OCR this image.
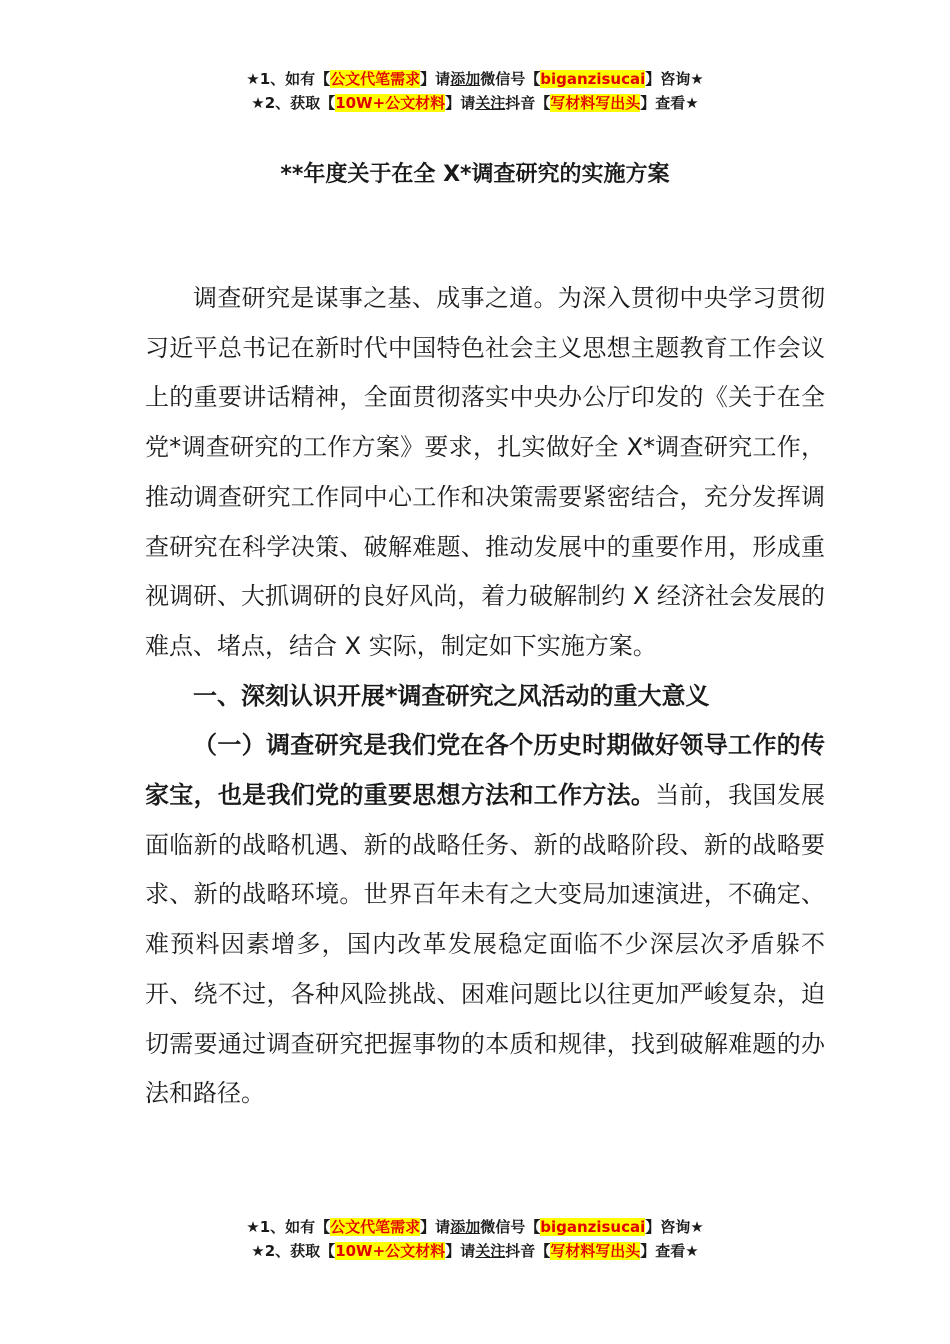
★1、如有【公文代笔需求】请添加微信号【biganzisucai】咨询★
★2、获取【10W+公文材料】请关注抖音【写材料写出头】查看★
**年度关于在全 X*调查研究的实施方案

调查研究是谋事之基、成事之道。为深入贯彻中央学习贯彻习近平总书记在新时代中国特色社会主义思想主题教育工作会议上的重要讲话精神，全面贯彻落实中央办公厅印发的《关于在全党*调查研究的工作方案》要求，扎实做好全 X*调查研究工作，推动调查研究工作同中心工作和决策需要紧密结合，充分发挥调查研究在科学决策、破解难题、推动发展中的重要作用，形成重视调研、大抓调研的良好风尚，着力破解制约 X 经济社会发展的难点、堵点，结合 X 实际，制定如下实施方案。

一、深刻认识开展*调查研究之风活动的重大意义

（一）调查研究是我们党在各个历史时期做好领导工作的传家宝，也是我们党的重要思想方法和工作方法。当前，我国发展面临新的战略机遇、新的战略任务、新的战略阶段、新的战略要求、新的战略环境。世界百年未有之大变局加速演进，不确定、难预料因素增多，国内改革发展稳定面临不少深层次矛盾躲不开、绕不过，各种风险挑战、困难问题比以往更加严峻复杂，迫切需要通过调查研究把握事物的本质和规律，找到破解难题的办法和路径。

★1、如有【公文代笔需求】请添加微信号【biganzisucai】咨询★
★2、获取【10W+公文材料】请关注抖音【写材料写出头】查看★
